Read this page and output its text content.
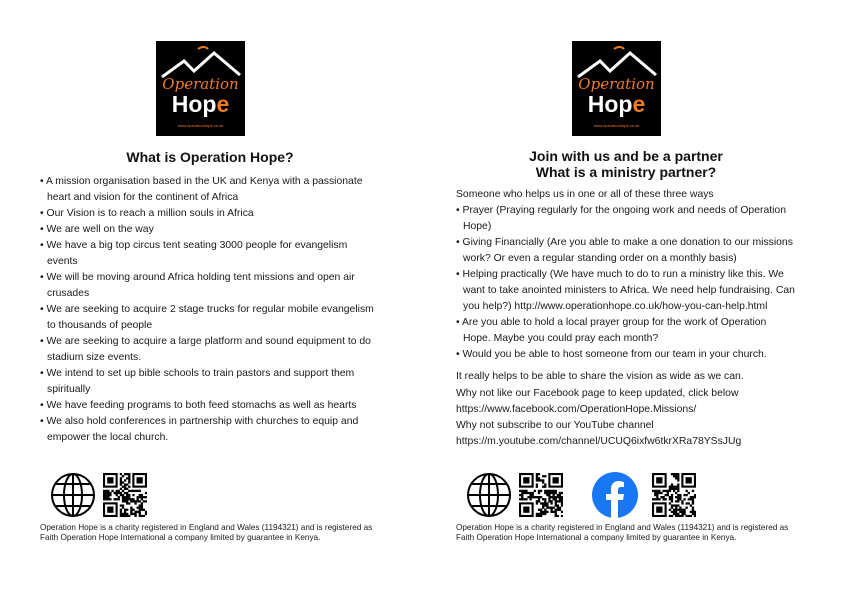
Operation
Hope
www.operationhope.co.uk
What is Operation Hope?
• A mission organisation based in the UK and Kenya with a passionate heart and vision for the continent of Africa
• Our Vision is to reach a million souls in Africa
• We are well on the way
• We have a big top circus tent seating 3000 people for evangelism events
• We will be moving around Africa holding tent missions and open air crusades
• We are seeking to acquire 2 stage trucks for regular mobile evangelism to thousands of people
• We are seeking to acquire a large platform and sound equipment to do stadium size events.
• We intend to set up bible schools to train pastors and support them spiritually
• We have feeding programs to both feed stomachs as well as hearts
• We also hold conferences in partnership with churches to equip and empower the local church.
Operation Hope is a charity registered in England and Wales (1194321) and is registered as Faith Operation Hope International a company limited by guarantee in Kenya.
Operation
Hope
www.operationhope.co.uk
Join with us and be a partner
What is a ministry partner?

Someone who helps us in one or all of these three ways

• Prayer (Praying regularly for the ongoing work and needs of Operation Hope)
• Giving Financially (Are you able to make a one donation to our missions work? Or even a regular standing order on a monthly basis)
• Helping practically (We have much to do to run a ministry like this. We want to take anointed ministers to Africa. We need help fundraising. Can you help?) http://www.operationhope.co.uk/how-you-can-help.html
• Are you able to hold a local prayer group for the work of Operation Hope. Maybe you could pray each month?
• Would you be able to host someone from our team in your church.

It really helps to be able to share the vision as wide as we can.

Why not like our Facebook page to keep updated, click below

https://www.facebook.com/OperationHope.Missions/

Why not subscribe to our YouTube channel

https://m.youtube.com/channel/UCUQ6ixfw6tkrXRa78YSsJUg

Operation Hope is a charity registered in England and Wales (1194321) and is registered as Faith Operation Hope International a company limited by guarantee in Kenya.
